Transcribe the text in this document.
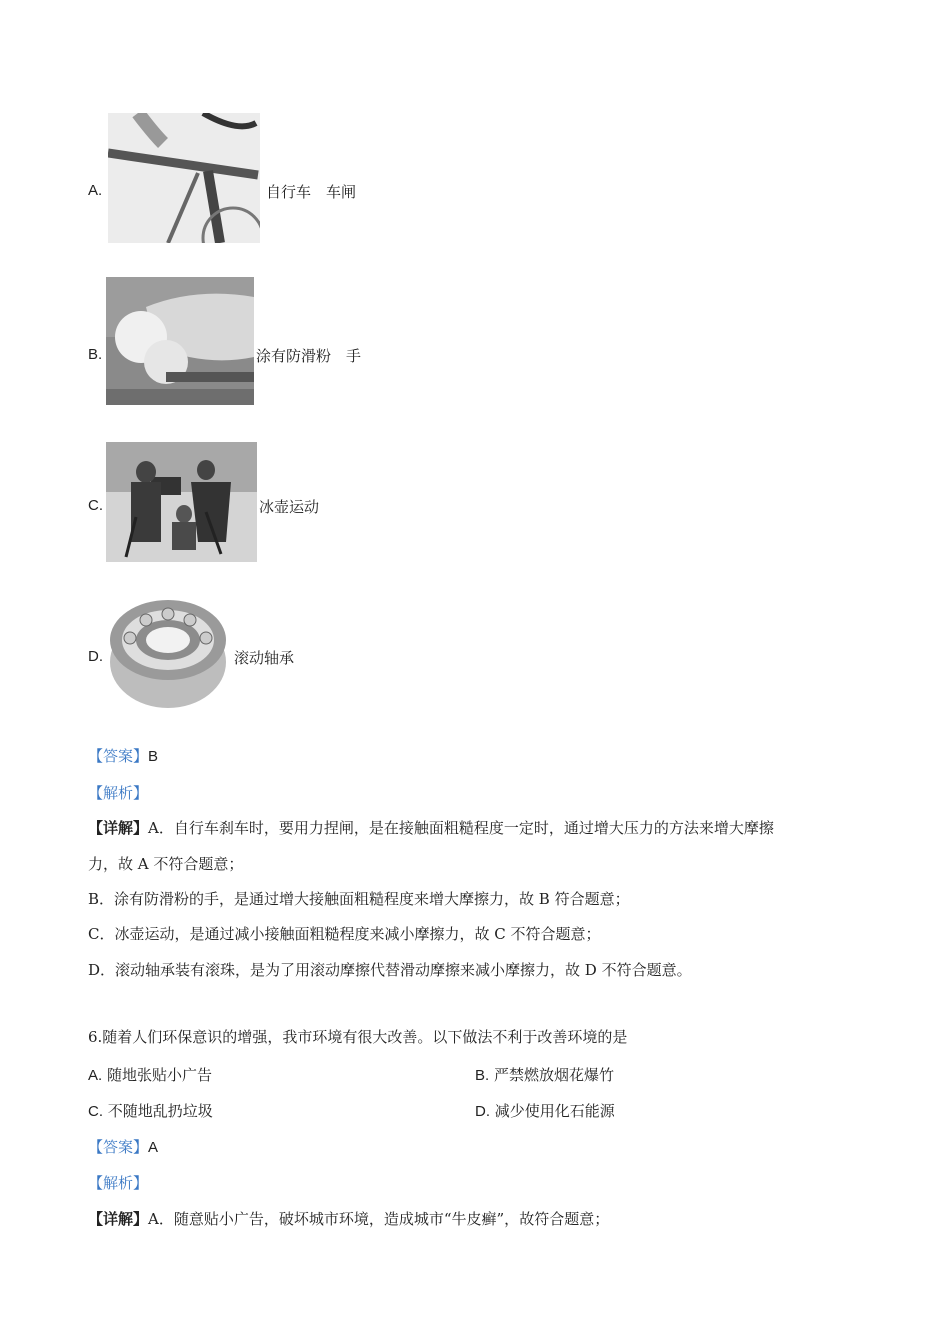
A.	自行车　车闸
B.	涂有防滑粉　手
C.	冰壶运动
D.	滚动轴承
【答案】B
【解析】
【详解】A．自行车刹车时，要用力捏闸，是在接触面粗糙程度一定时，通过增大压力的方法来增大摩擦
力，故 A 不符合题意；
B．涂有防滑粉的手，是通过增大接触面粗糙程度来增大摩擦力，故 B 符合题意；
C．冰壶运动，是通过减小接触面粗糙程度来减小摩擦力，故 C 不符合题意；
D．滚动轴承装有滚珠，是为了用滚动摩擦代替滑动摩擦来减小摩擦力，故 D 不符合题意。
6.随着人们环保意识的增强，我市环境有很大改善。以下做法不利于改善环境的是
A. 随地张贴小广告	B. 严禁燃放烟花爆竹
C. 不随地乱扔垃圾	D. 减少使用化石能源
【答案】A
【解析】
【详解】A．随意贴小广告，破坏城市环境，造成城市“牛皮癣”，故符合题意；
